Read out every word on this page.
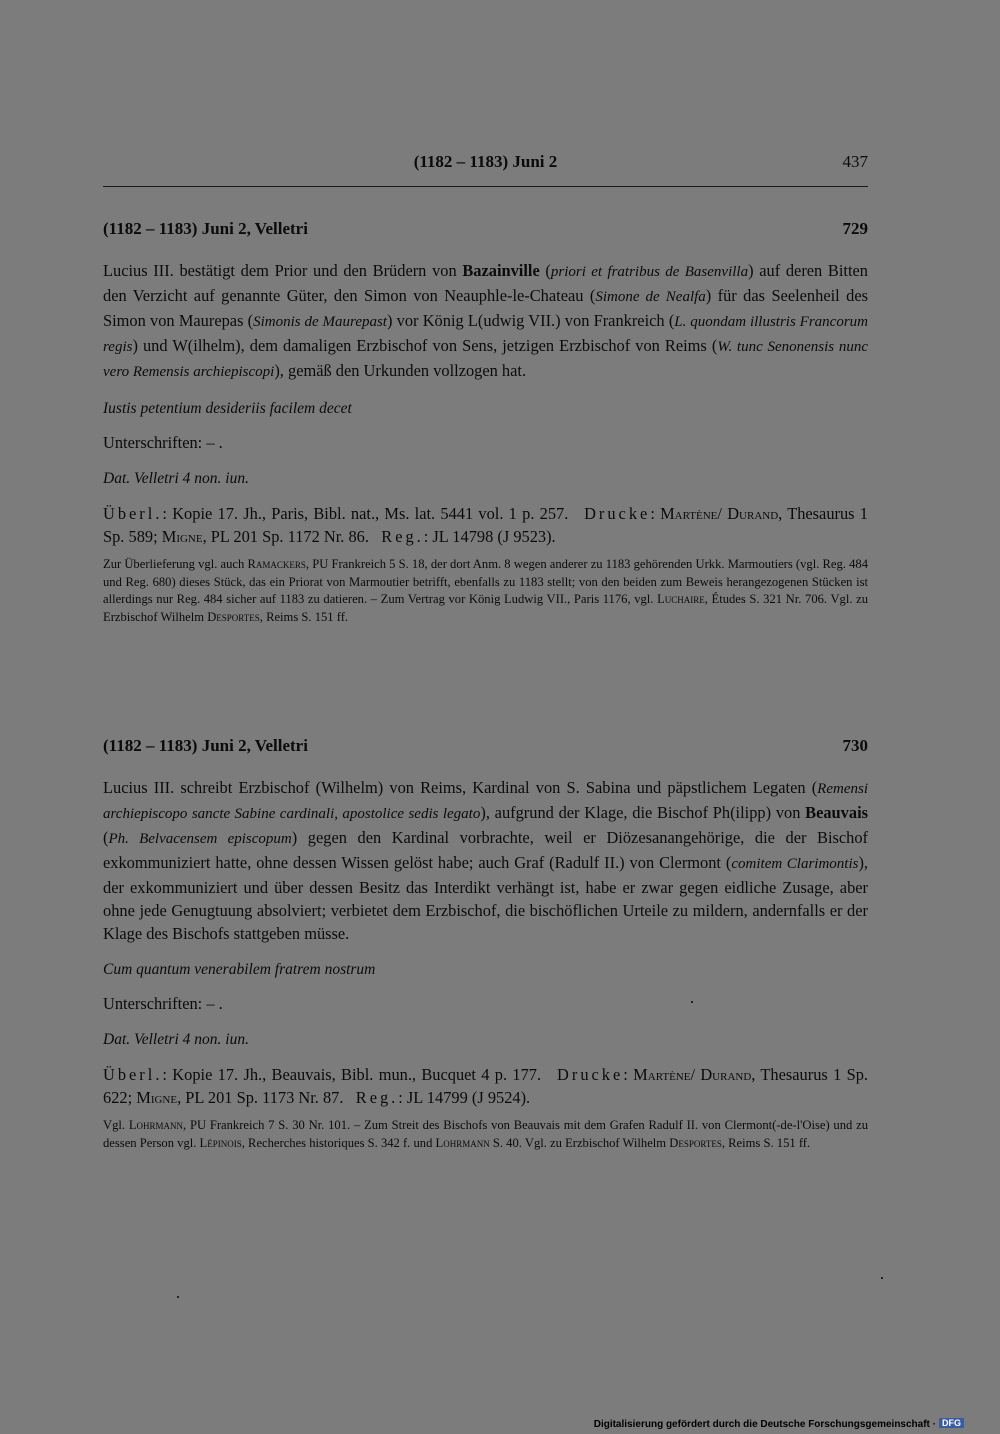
(1182 – 1183) Juni 2	437
(1182 – 1183) Juni 2, Velletri	729
Lucius III. bestätigt dem Prior und den Brüdern von Bazainville (priori et fratribus de Basenvilla) auf deren Bitten den Verzicht auf genannte Güter, den Simon von Neauphle-le-Chateau (Simone de Nealfa) für das Seelenheil des Simon von Maurepas (Simonis de Maurepast) vor König L(udwig VII.) von Frankreich (L. quondam illustris Francorum regis) und W(ilhelm), dem damaligen Erzbischof von Sens, jetzigen Erzbischof von Reims (W. tunc Senonensis nunc vero Remensis archiepiscopi), gemäß den Urkunden vollzogen hat.
Iustis petentium desideriis facilem decet
Unterschriften: – .
Dat. Velletri 4 non. iun.
Überl.: Kopie 17. Jh., Paris, Bibl. nat., Ms. lat. 5441 vol. 1 p. 257. Drucke: Martène/ Durand, Thesaurus 1 Sp. 589; Migne, PL 201 Sp. 1172 Nr. 86. Reg.: JL 14798 (J 9523).
Zur Überlieferung vgl. auch Ramackers, PU Frankreich 5 S. 18, der dort Anm. 8 wegen anderer zu 1183 gehörenden Urkk. Marmoutiers (vgl. Reg. 484 und Reg. 680) dieses Stück, das ein Priorat von Marmoutier betrifft, ebenfalls zu 1183 stellt; von den beiden zum Beweis herangezogenen Stücken ist allerdings nur Reg. 484 sicher auf 1183 zu datieren. – Zum Vertrag vor König Ludwig VII., Paris 1176, vgl. Luchaire, Études S. 321 Nr. 706. Vgl. zu Erzbischof Wilhelm Desportes, Reims S. 151 ff.
(1182 – 1183) Juni 2, Velletri	730
Lucius III. schreibt Erzbischof (Wilhelm) von Reims, Kardinal von S. Sabina und päpstlichem Legaten (Remensi archiepiscopo sancte Sabine cardinali, apostolice sedis legato), aufgrund der Klage, die Bischof Ph(ilipp) von Beauvais (Ph. Belvacensem episcopum) gegen den Kardinal vorbrachte, weil er Diözesanangehörige, die der Bischof exkommuniziert hatte, ohne dessen Wissen gelöst habe; auch Graf (Radulf II.) von Clermont (comitem Clarimontis), der exkommuniziert und über dessen Besitz das Interdikt verhängt ist, habe er zwar gegen eidliche Zusage, aber ohne jede Genugtuung absolviert; verbietet dem Erzbischof, die bischöflichen Urteile zu mildern, andernfalls er der Klage des Bischofs stattgeben müsse.
Cum quantum venerabilem fratrem nostrum
Unterschriften: – .
Dat. Velletri 4 non. iun.
Überl.: Kopie 17. Jh., Beauvais, Bibl. mun., Bucquet 4 p. 177. Drucke: Martène/ Durand, Thesaurus 1 Sp. 622; Migne, PL 201 Sp. 1173 Nr. 87. Reg.: JL 14799 (J 9524).
Vgl. Lohrmann, PU Frankreich 7 S. 30 Nr. 101. – Zum Streit des Bischofs von Beauvais mit dem Grafen Radulf II. von Clermont(-de-l'Oise) und zu dessen Person vgl. Lépinois, Recherches historiques S. 342 f. und Lohrmann S. 40. Vgl. zu Erzbischof Wilhelm Desportes, Reims S. 151 ff.
Digitalisierung gefördert durch die Deutsche Forschungsgemeinschaft · DFG
